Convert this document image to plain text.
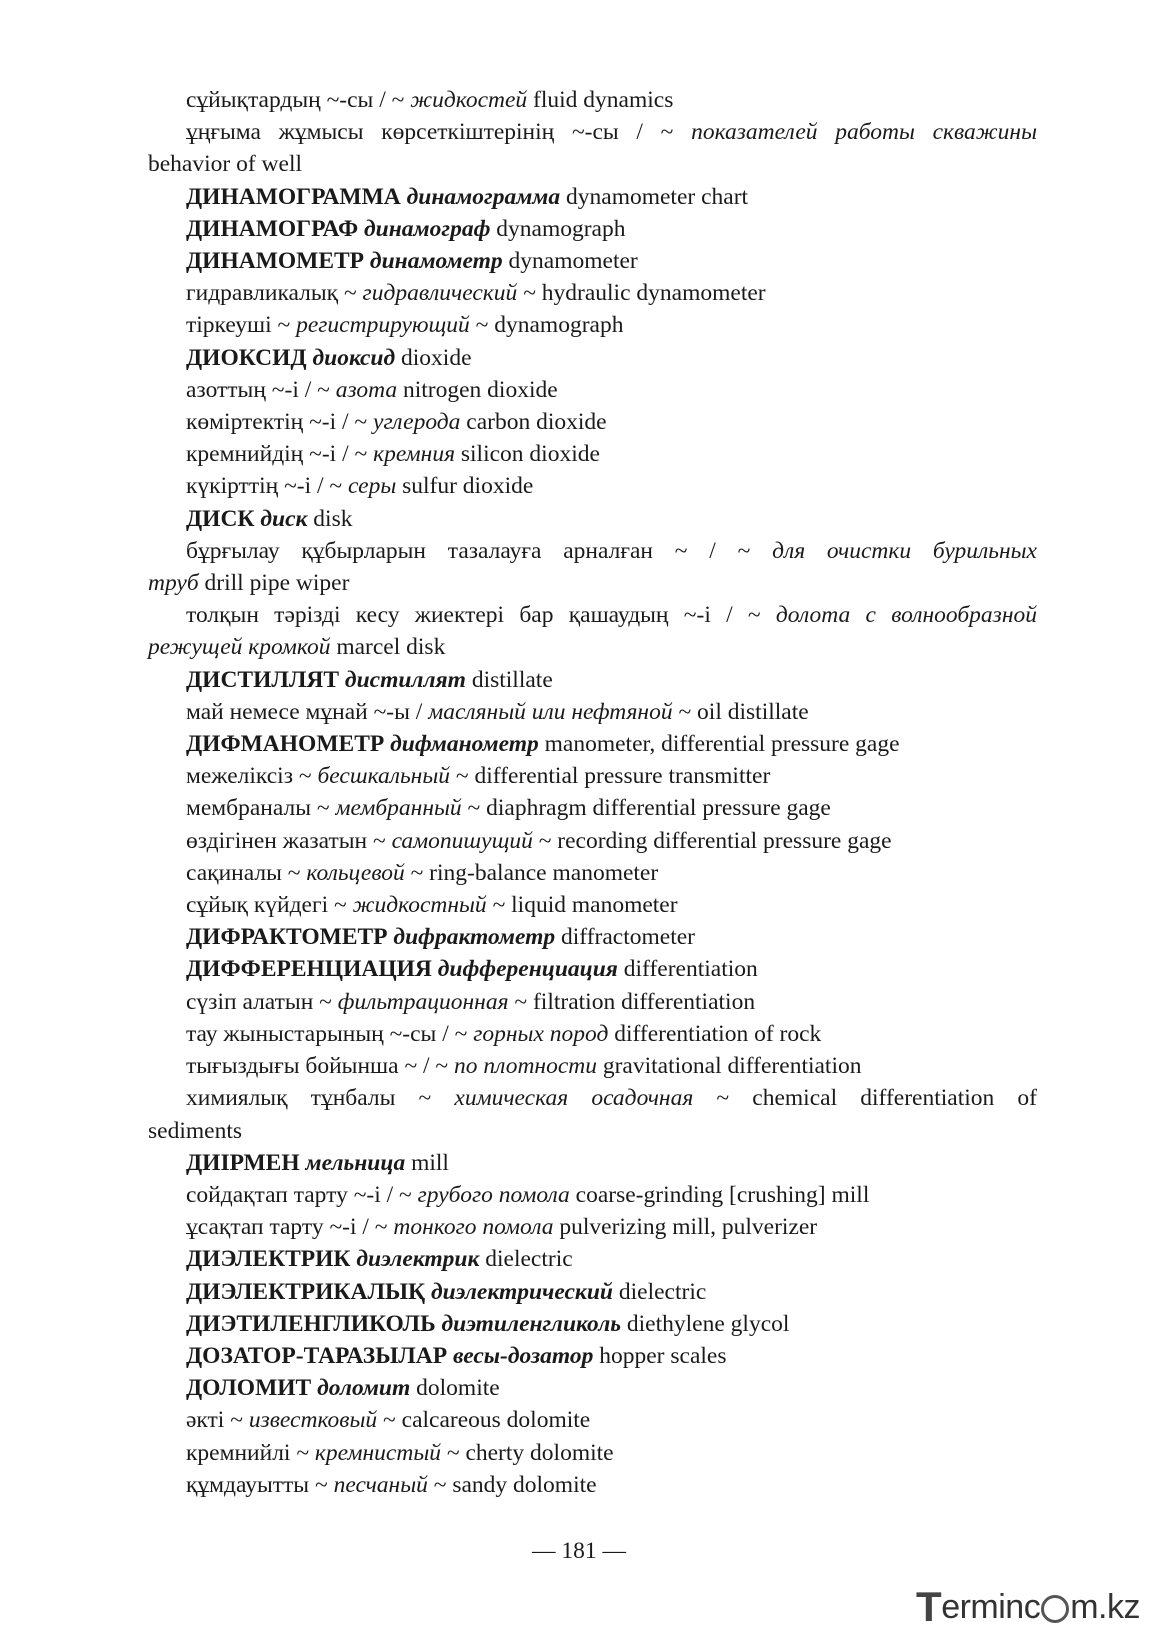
сұйықтардың ~-сы / ~ жидкостей fluid dynamics
ұңғыма жұмысы көрсеткіштерінің ~-сы / ~ показателей работы скважины
behavior of well
ДИНАМОГРАММА динамограмма dynamometer chart
ДИНАМОГРАФ динамограф dynamograph
ДИНАМОМЕТР динамометр dynamometer
гидравликалық ~ гидравлический ~ hydraulic dynamometer
тіркеуші ~ регистрирующий ~ dynamograph
ДИОКСИД диоксид dioxide
азоттың ~-і / ~ азота nitrogen dioxide
көміртектің ~-і / ~ углерода carbon dioxide
кремнийдің ~-і / ~ кремния silicon dioxide
күкірттің ~-і / ~ серы sulfur dioxide
ДИСК диск disk
бұрғылау құбырларын тазалауға арналған ~ / ~ для очистки бурильных
труб drill pipe wiper
толқын тәрізді кесу жиектері бар қашаудың ~-і / ~ долота с волнообразной
режущей кромкой marcel disk
ДИСТИЛЛЯТ дистиллят distillate
май немесе мұнай ~-ы / масляный или нефтяной ~ oil distillate
ДИФМАНОМЕТР дифманометр manometer, differential pressure gage
межеліксіз ~ бесшкальный ~ differential pressure transmitter
мембраналы ~ мембранный ~ diaphragm differential pressure gage
өздігінен жазатын ~ самопишущий ~ recording differential pressure gage
сақиналы ~ кольцевой ~ ring-balance manometer
сұйық күйдегі ~ жидкостный ~ liquid manometer
ДИФРАКТОМЕТР дифрактометр diffractometer
ДИФФЕРЕНЦИАЦИЯ дифференциация differentiation
сүзіп алатын ~ фильтрационная ~ filtration differentiation
тау жыныстарының ~-сы / ~ горных пород differentiation of rock
тығыздығы бойынша ~ / ~ по плотности gravitational differentiation
химиялық тұнбалы ~ химическая осадочная ~ chemical differentiation of
sediments
ДИІРМЕН мельница mill
сойдақтап тарту ~-і / ~ грубого помола coarse-grinding [crushing] mill
ұсақтап тарту ~-і / ~ тонкого помола pulverizing mill, pulverizer
ДИЭЛЕКТРИК диэлектрик dielectric
ДИЭЛЕКТРИКАЛЫҚ диэлектрический dielectric
ДИЭТИЛЕНГЛИКОЛЬ диэтиленгликоль diethylene glycol
ДОЗАТОР-ТАРАЗЫЛАР весы-дозатор hopper scales
ДОЛОМИТ доломит dolomite
әкті ~ известковый ~ calcareous dolomite
кремнийлі ~ кремнистый ~ cherty dolomite
құмдауытты ~ песчаный ~ sandy dolomite
— 181 —
T erminc m.kz
